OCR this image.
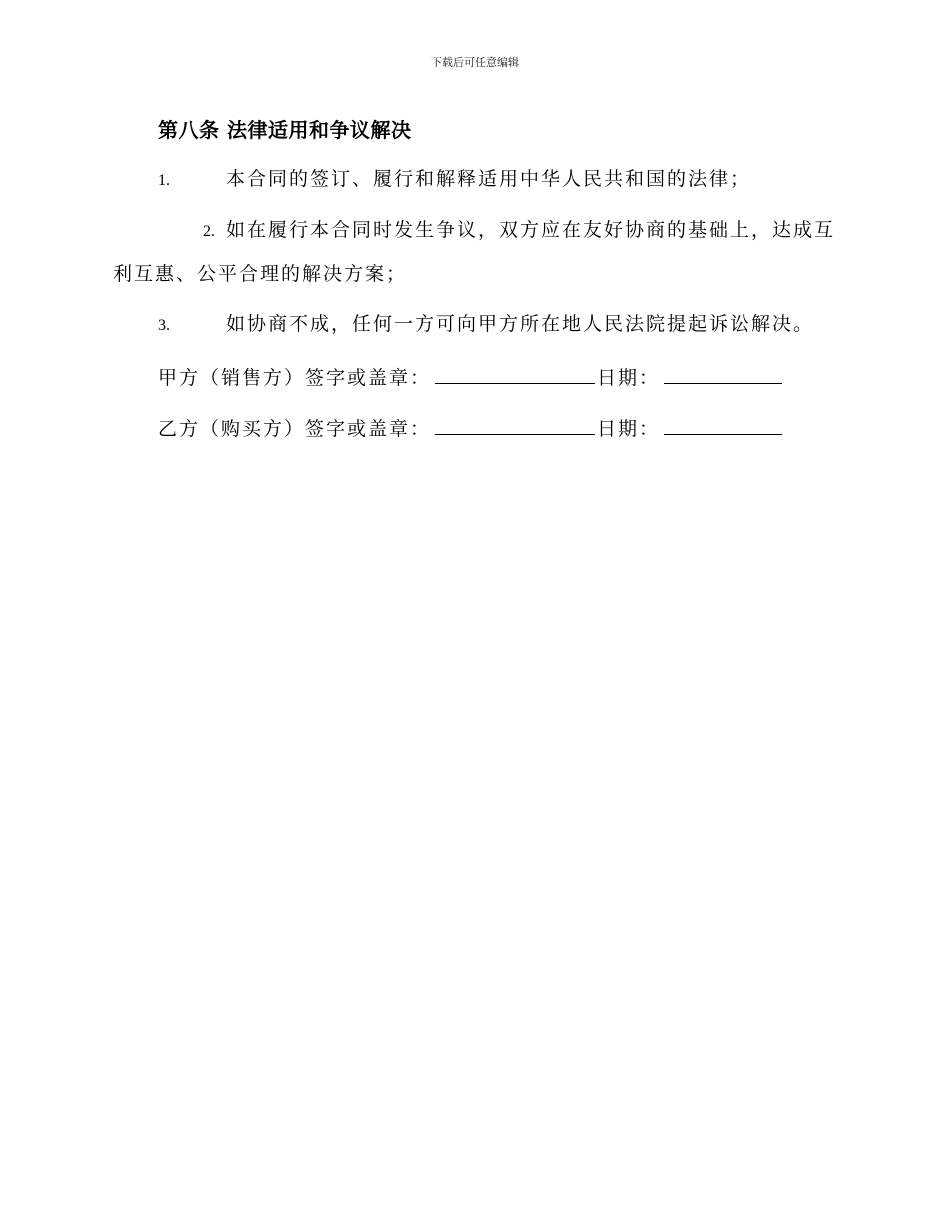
下载后可任意编辑
第八条 法律适用和争议解决
1.	本合同的签订、履行和解释适用中华人民共和国的法律；
2. 如在履行本合同时发生争议，双方应在友好协商的基础上，达成互利互惠、公平合理的解决方案；
3.	如协商不成，任何一方可向甲方所在地人民法院提起诉讼解决。
甲方（销售方）签字或盖章：	日期：
乙方（购买方）签字或盖章：	日期：
